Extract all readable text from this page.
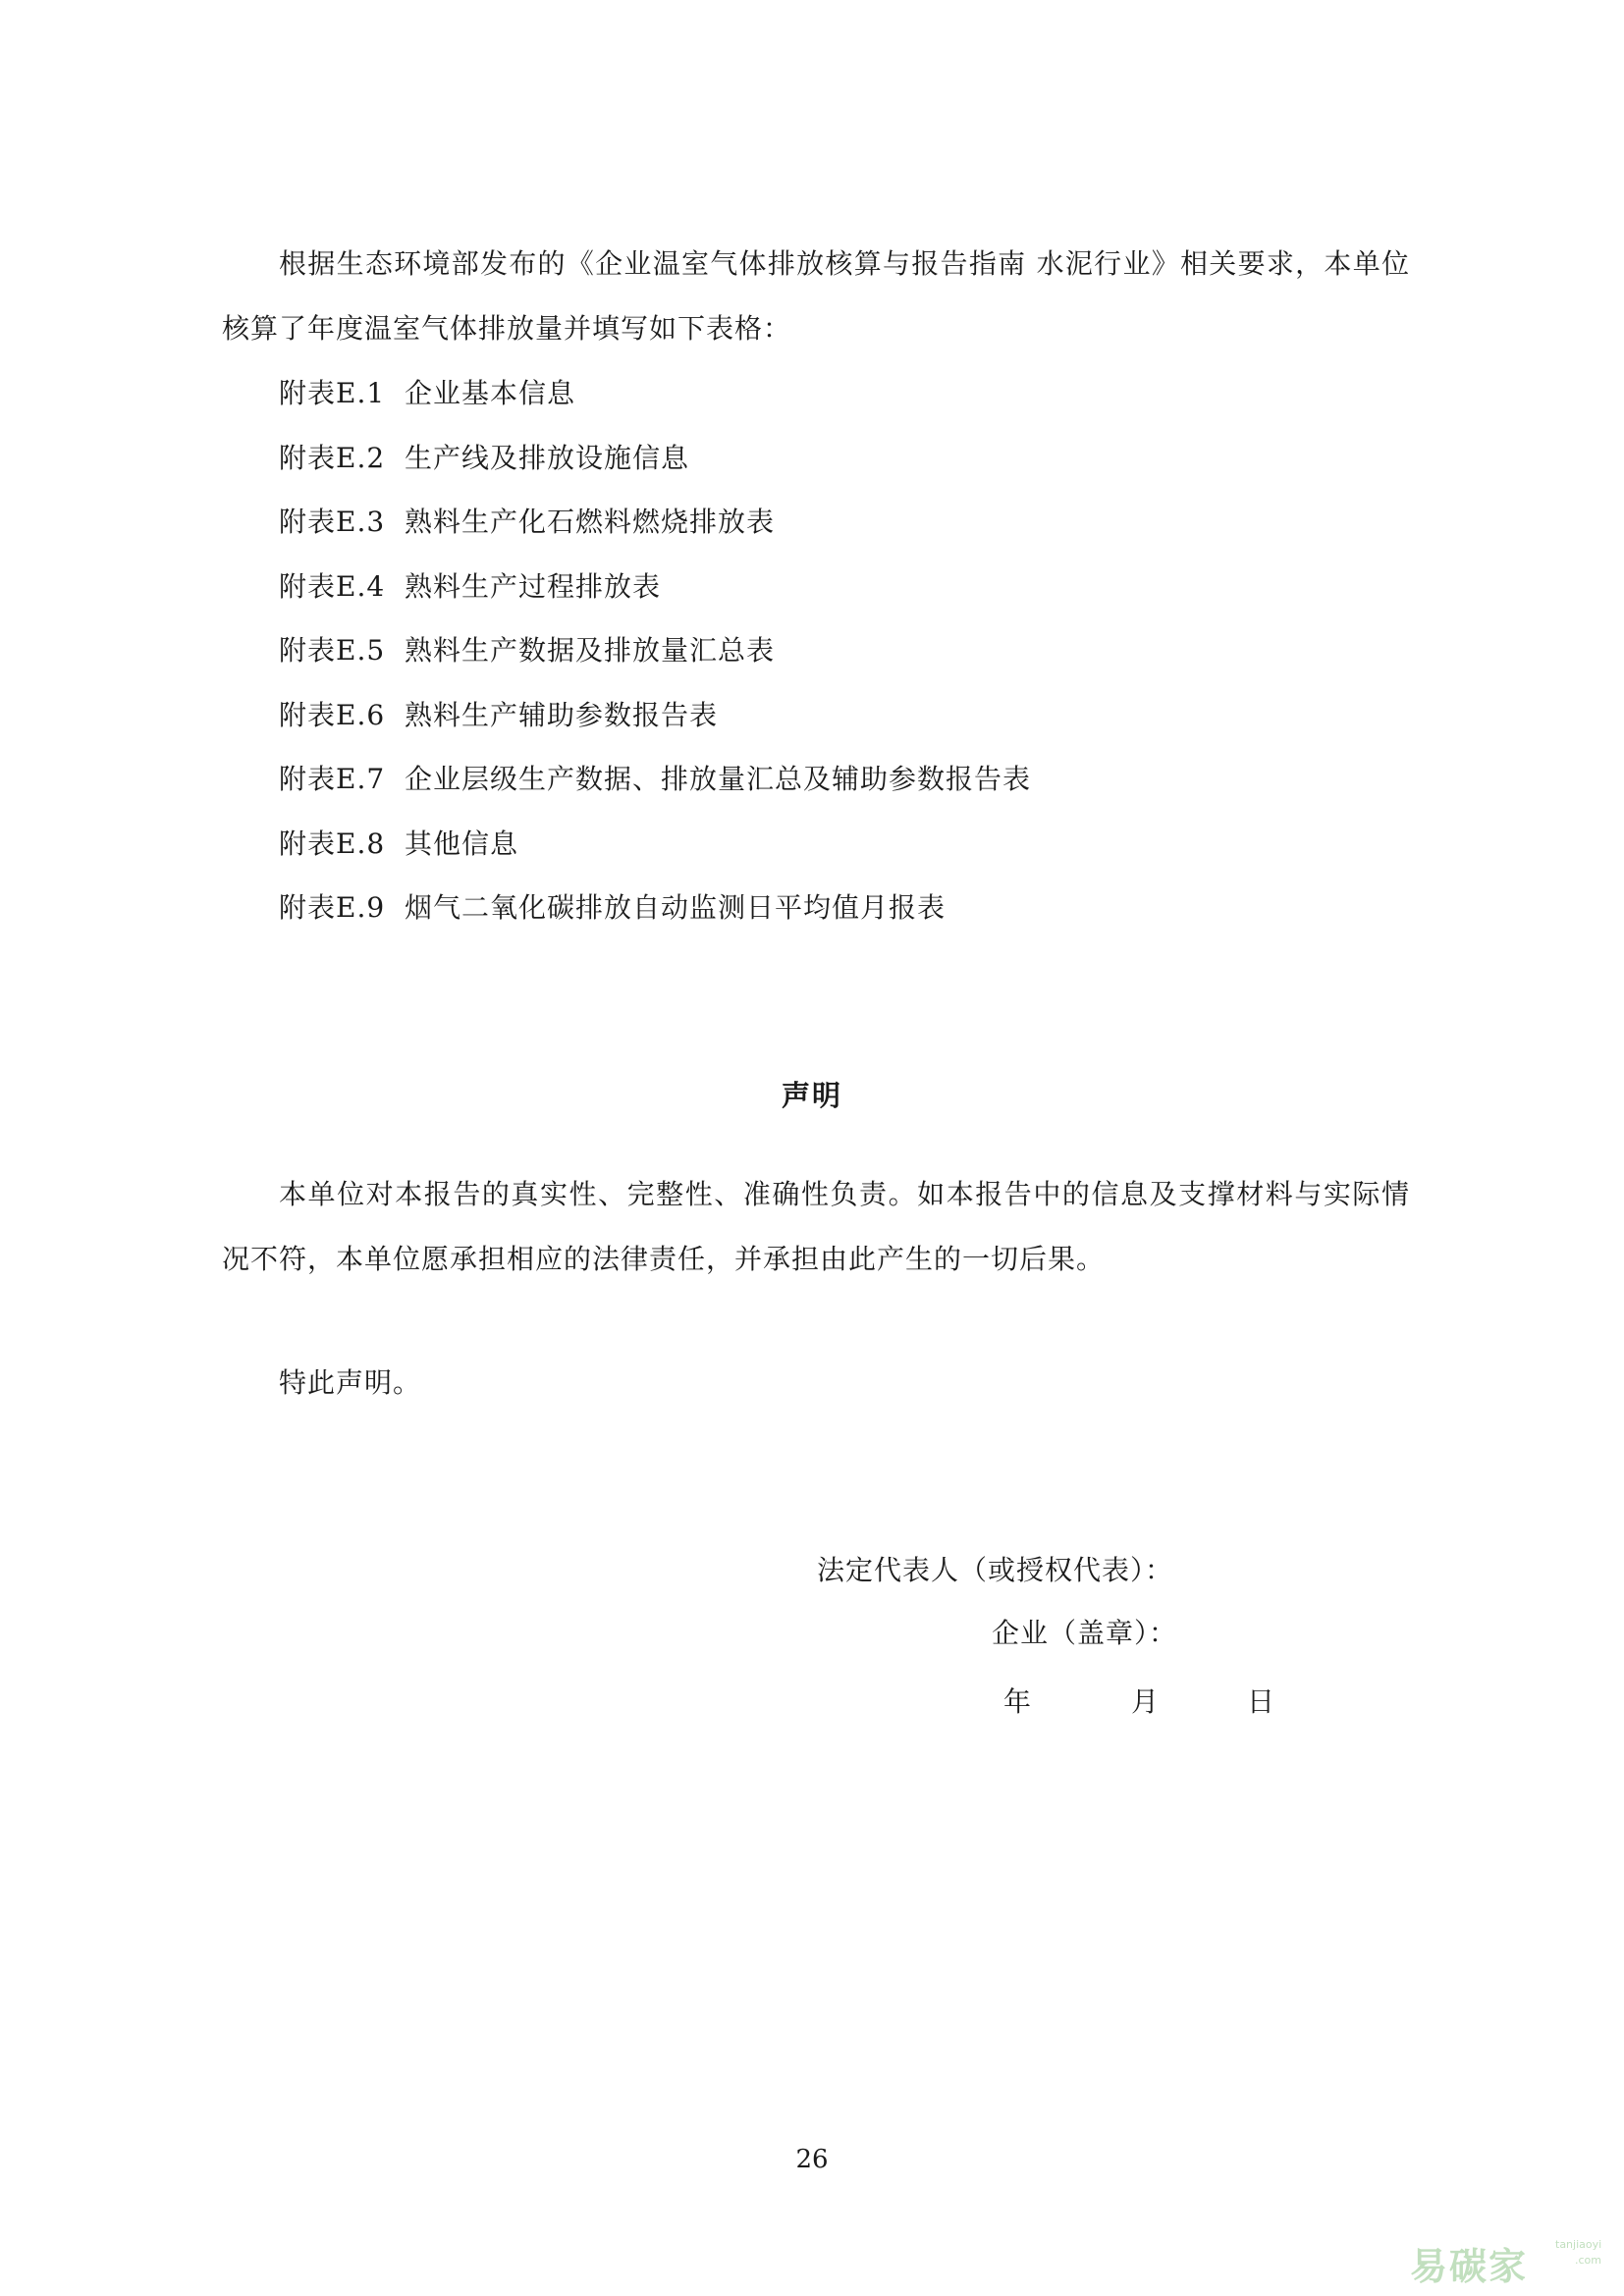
根据生态环境部发布的《企业温室气体排放核算与报告指南 水泥行业》相关要求，本单位核算了年度温室气体排放量并填写如下表格：

附表E.1 企业基本信息
附表E.2 生产线及排放设施信息
附表E.3 熟料生产化石燃料燃烧排放表
附表E.4 熟料生产过程排放表
附表E.5 熟料生产数据及排放量汇总表
附表E.6 熟料生产辅助参数报告表
附表E.7 企业层级生产数据、排放量汇总及辅助参数报告表
附表E.8 其他信息
附表E.9 烟气二氧化碳排放自动监测日平均值月报表
声明

本单位对本报告的真实性、完整性、准确性负责。如本报告中的信息及支撑材料与实际情况不符，本单位愿承担相应的法律责任，并承担由此产生的一切后果。

特此声明。

法定代表人（或授权代表）：
企业（盖章）：
年	月	日
26
易碳家
tanjiaoyi
.com
